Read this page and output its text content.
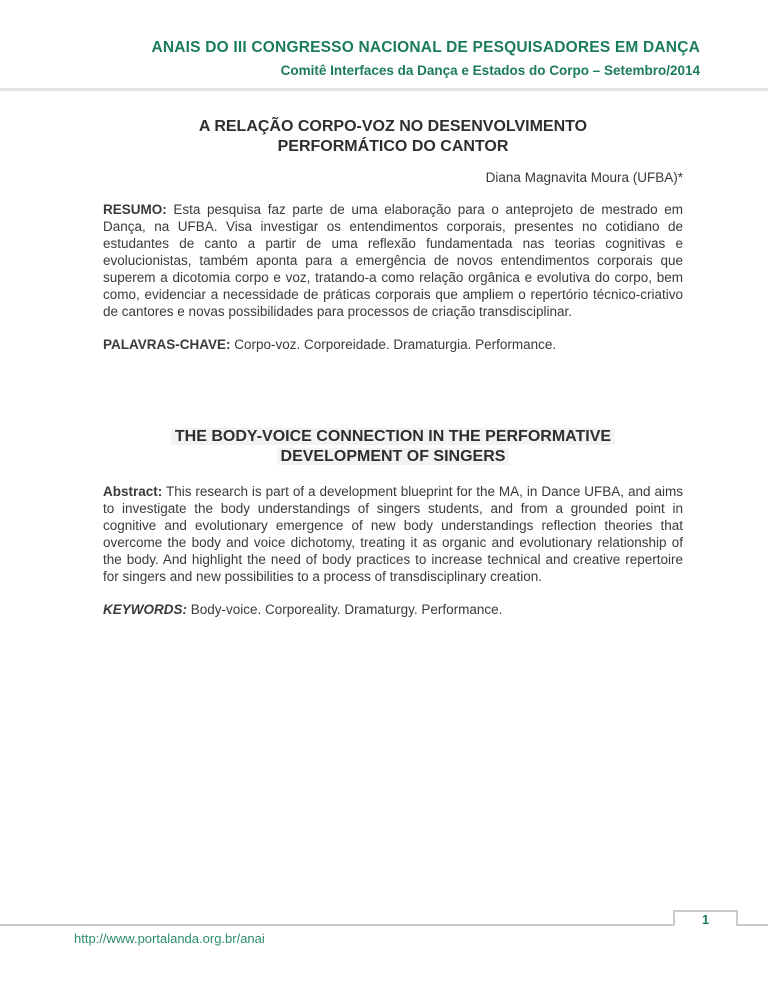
ANAIS DO III CONGRESSO NACIONAL DE PESQUISADORES EM DANÇA
Comitê Interfaces da Dança e Estados do Corpo – Setembro/2014
A RELAÇÃO CORPO-VOZ NO DESENVOLVIMENTO
PERFORMÁTICO DO CANTOR
Diana Magnavita Moura (UFBA)*

RESUMO: Esta pesquisa faz parte de uma elaboração para o anteprojeto de mestrado em Dança, na UFBA. Visa investigar os entendimentos corporais, presentes no cotidiano de estudantes de canto a partir de uma reflexão fundamentada nas teorias cognitivas e evolucionistas, também aponta para a emergência de novos entendimentos corporais que superem a dicotomia corpo e voz, tratando-a como relação orgânica e evolutiva do corpo, bem como, evidenciar a necessidade de práticas corporais que ampliem o repertório técnico-criativo de cantores e novas possibilidades para processos de criação transdisciplinar.

PALAVRAS-CHAVE: Corpo-voz. Corporeidade. Dramaturgia. Performance.

THE BODY-VOICE CONNECTION IN THE PERFORMATIVE
DEVELOPMENT OF SINGERS

Abstract: This research is part of a development blueprint for the MA, in Dance UFBA, and aims to investigate the body understandings of singers students, and from a grounded point in cognitive and evolutionary emergence of new body understandings reflection theories that overcome the body and voice dichotomy, treating it as organic and evolutionary relationship of the body. And highlight the need of body practices to increase technical and creative repertoire for singers and new possibilities to a process of transdisciplinary creation.

KEYWORDS: Body-voice. Corporeality. Dramaturgy. Performance.

1
http://www.portalanda.org.br/anai
